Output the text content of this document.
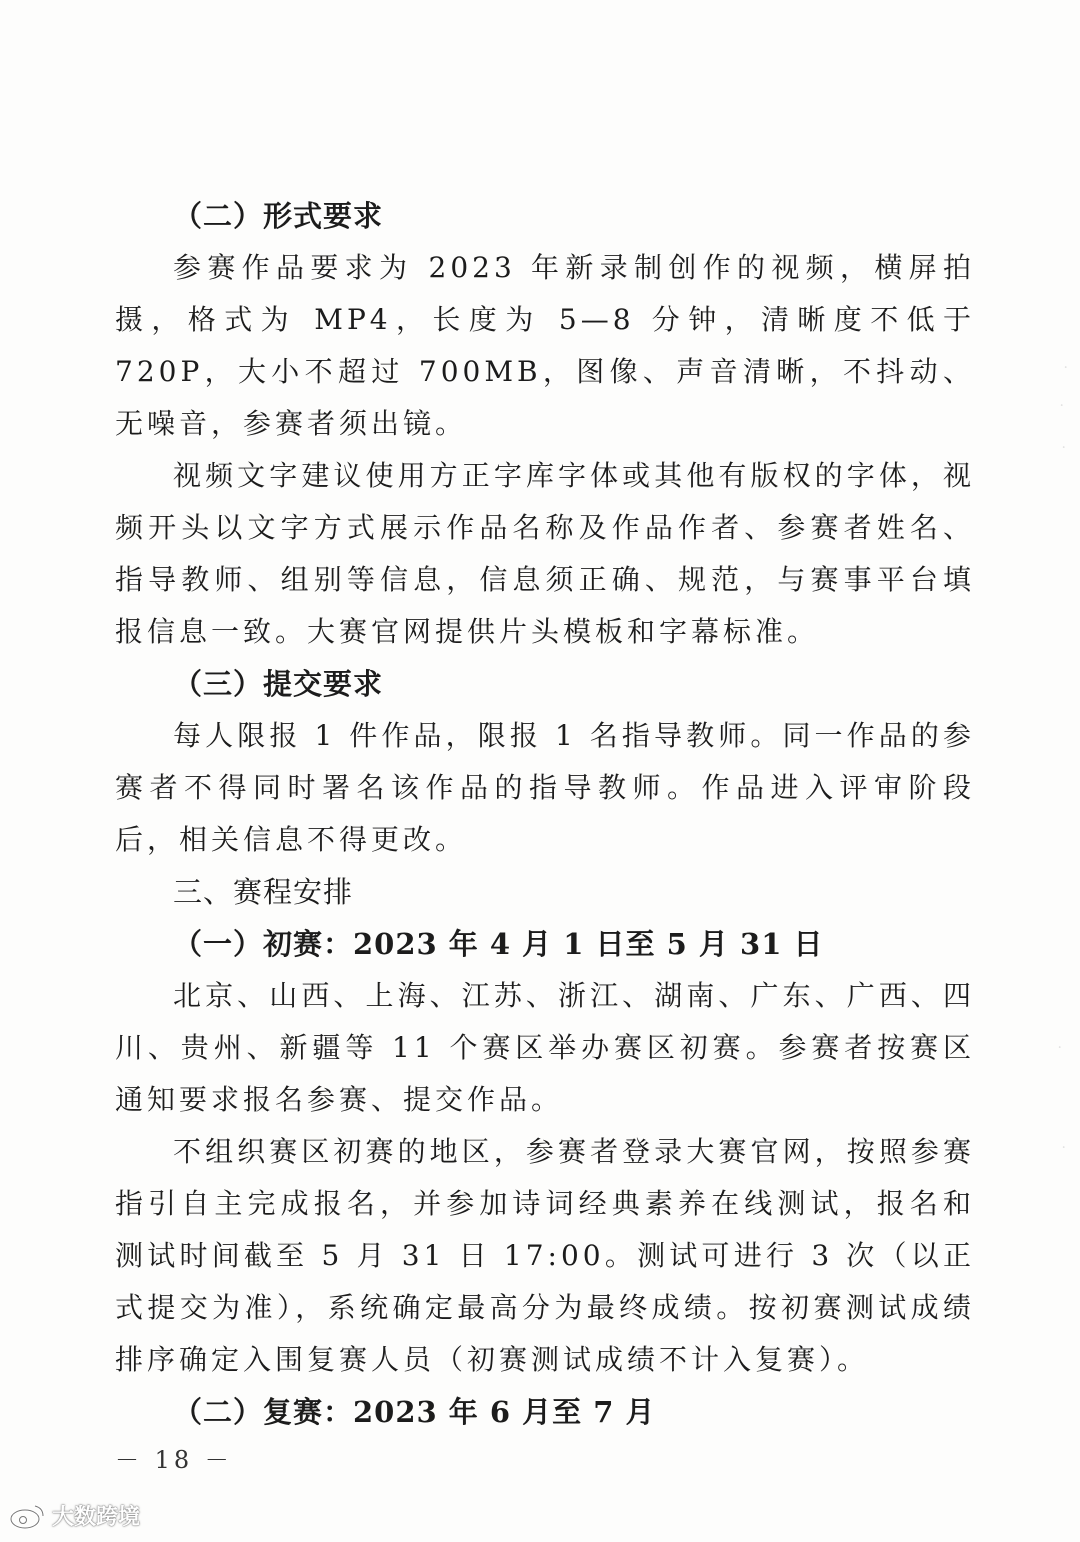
·
·
·
·
·

（二）形式要求

参赛作品要求为 2023 年新录制创作的视频，横屏拍摄，格式为 MP4，长度为 5—8 分钟，清晰度不低于 720P，大小不超过 700MB，图像、声音清晰，不抖动、无噪音，参赛者须出镜。

视频文字建议使用方正字库字体或其他有版权的字体，视频开头以文字方式展示作品名称及作品作者、参赛者姓名、指导教师、组别等信息，信息须正确、规范，与赛事平台填报信息一致。大赛官网提供片头模板和字幕标准。

（三）提交要求

每人限报 1 件作品，限报 1 名指导教师。同一作品的参赛者不得同时署名该作品的指导教师。作品进入评审阶段后，相关信息不得更改。

三、赛程安排

（一）初赛：2023 年 4 月 1 日至 5 月 31 日

北京、山西、上海、江苏、浙江、湖南、广东、广西、四川、贵州、新疆等 11 个赛区举办赛区初赛。参赛者按赛区通知要求报名参赛、提交作品。

不组织赛区初赛的地区，参赛者登录大赛官网，按照参赛指引自主完成报名，并参加诗词经典素养在线测试，报名和测试时间截至 5 月 31 日 17:00。测试可进行 3 次（以正式提交为准），系统确定最高分为最终成绩。按初赛测试成绩排序确定入围复赛人员（初赛测试成绩不计入复赛）。

（二）复赛：2023 年 6 月至 7 月

－ 18 －
大数跨境
